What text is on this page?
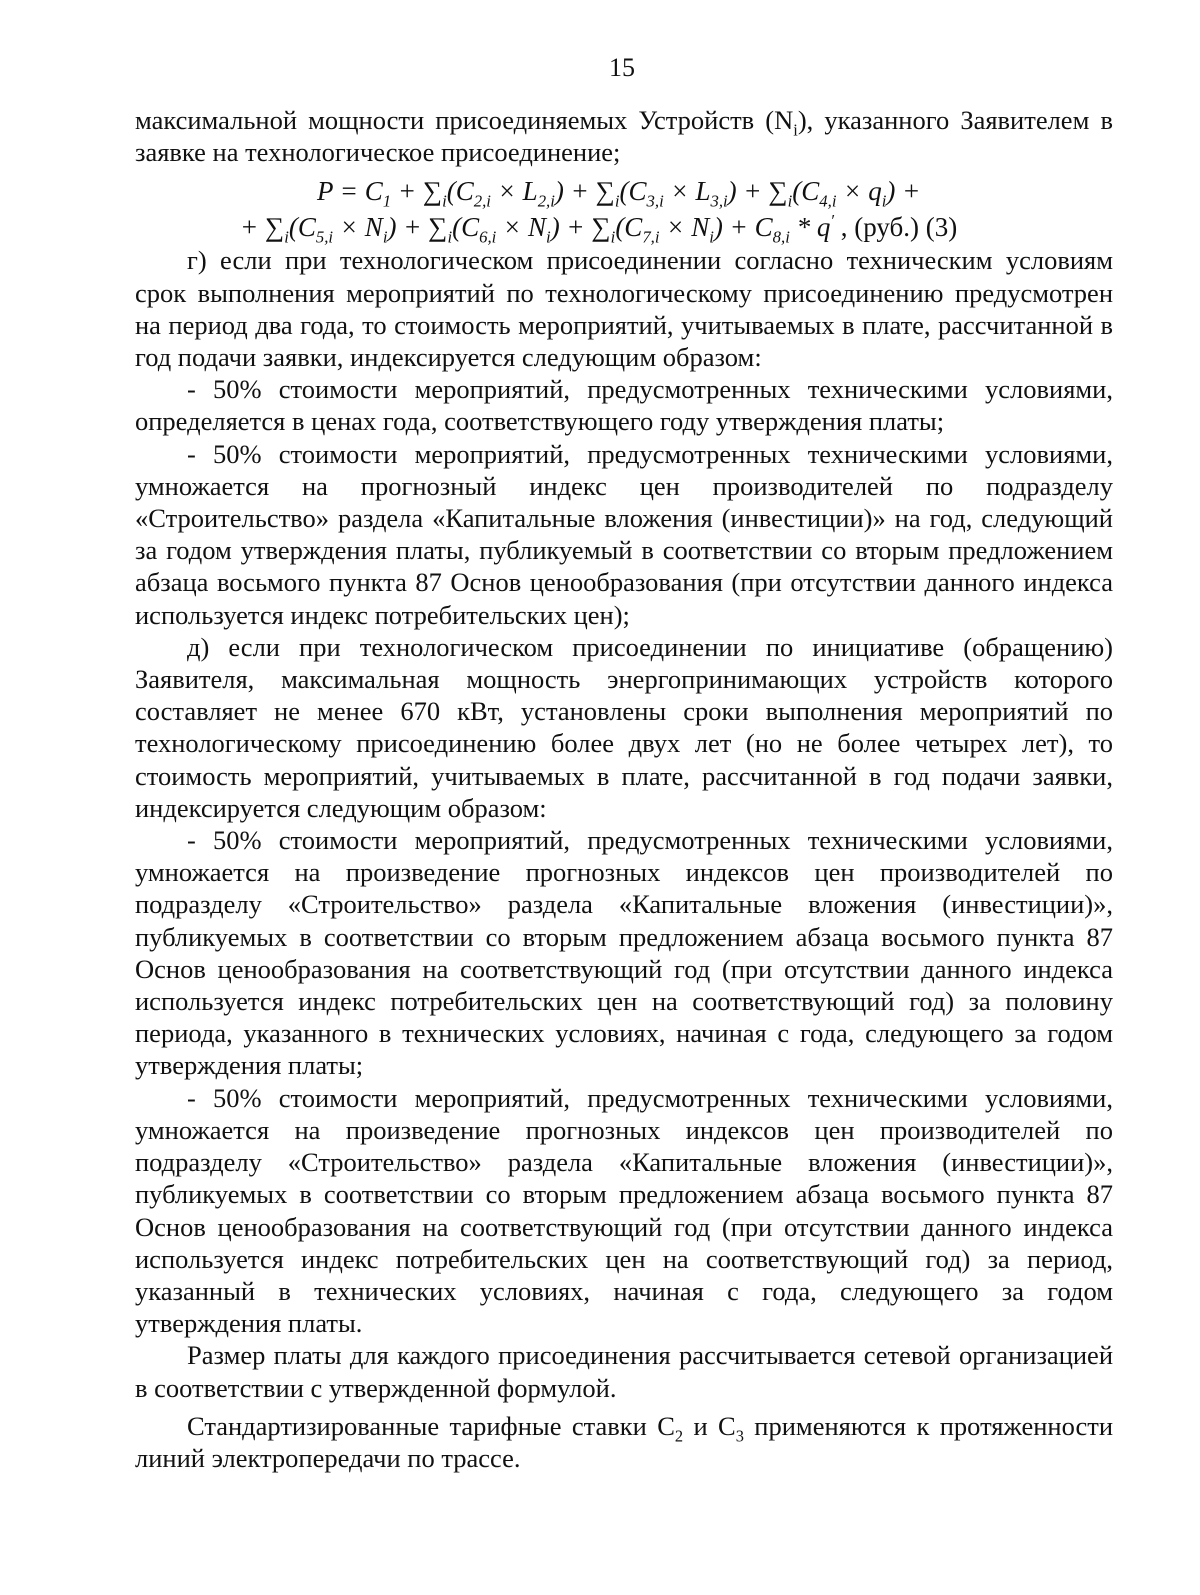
15

максимальной мощности присоединяемых Устройств $(N_i)$, указанного Заявителем в заявке на технологическое присоединение;

$P = C_1 + \sum_i(C_{2,i} \times L_{2,i}) + \sum_i(C_{3,i} \times L_{3,i}) + \sum_i(C_{4,i} \times q_i)$ +
+ $\sum_i(C_{5,i} \times N_i) + \sum_i(C_{6,i} \times N_i) + \sum_i(C_{7,i} \times N_i) + C_{8,i} * q'$ , (руб.) (3)

г) если при технологическом присоединении согласно техническим условиям срок выполнения мероприятий по технологическому присоединению предусмотрен на период два года, то стоимость мероприятий, учитываемых в плате, рассчитанной в год подачи заявки, индексируется следующим образом:

- 50% стоимости мероприятий, предусмотренных техническими условиями, определяется в ценах года, соответствующего году утверждения платы;

- 50% стоимости мероприятий, предусмотренных техническими условиями, умножается на прогнозный индекс цен производителей по подразделу «Строительство» раздела «Капитальные вложения (инвестиции)» на год, следующий за годом утверждения платы, публикуемый в соответствии со вторым предложением абзаца восьмого пункта 87 Основ ценообразования (при отсутствии данного индекса используется индекс потребительских цен);

д) если при технологическом присоединении по инициативе (обращению) Заявителя, максимальная мощность энергопринимающих устройств которого составляет не менее 670 кВт, установлены сроки выполнения мероприятий по технологическому присоединению более двух лет (но не более четырех лет), то стоимость мероприятий, учитываемых в плате, рассчитанной в год подачи заявки, индексируется следующим образом:

- 50% стоимости мероприятий, предусмотренных техническими условиями, умножается на произведение прогнозных индексов цен производителей по подразделу «Строительство» раздела «Капитальные вложения (инвестиции)», публикуемых в соответствии со вторым предложением абзаца восьмого пункта 87 Основ ценообразования на соответствующий год (при отсутствии данного индекса используется индекс потребительских цен на соответствующий год) за половину периода, указанного в технических условиях, начиная с года, следующего за годом утверждения платы;

- 50% стоимости мероприятий, предусмотренных техническими условиями, умножается на произведение прогнозных индексов цен производителей по подразделу «Строительство» раздела «Капитальные вложения (инвестиции)», публикуемых в соответствии со вторым предложением абзаца восьмого пункта 87 Основ ценообразования на соответствующий год (при отсутствии данного индекса используется индекс потребительских цен на соответствующий год) за период, указанный в технических условиях, начиная с года, следующего за годом утверждения платы.

Размер платы для каждого присоединения рассчитывается сетевой организацией в соответствии с утвержденной формулой.

Стандартизированные тарифные ставки $С_2$ и $С_3$ применяются к протяженности линий электропередачи по трассе.
